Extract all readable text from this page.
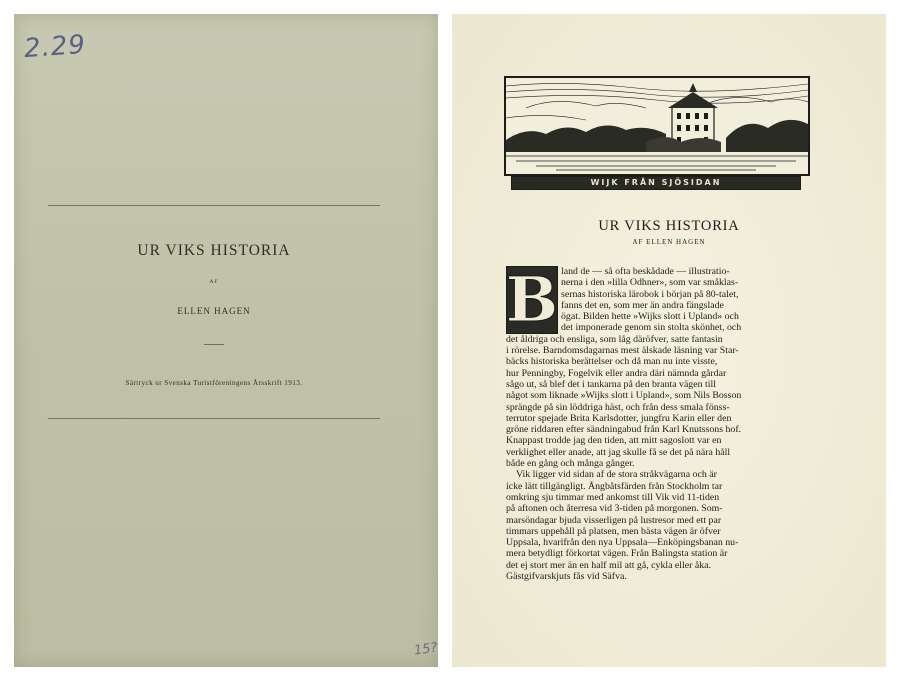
2.29
UR VIKS HISTORIA
AF
ELLEN HAGEN
Särtryck ur Svenska Turistföreningens Årsskrift 1913.
15?
WIJK FRÅN SJÖSIDAN
UR VIKS HISTORIA
AF ELLEN HAGEN
B land de — så ofta beskådade — illustratio-
nerna i den »lilla Odhner», som var småklas-
sernas historiska lärobok i början på 80-talet,
fanns det en, som mer än andra fängslade
ögat. Bilden hette »Wijks slott i Upland» och
det imponerade genom sin stolta skönhet, och
det åldriga och ensliga, som låg däröfver, satte fantasin
i rörelse. Barndomsdagarnas mest älskade läsning var Star-
bäcks historiska berättelser och då man nu inte visste,
hur Penningby, Fogelvik eller andra däri nämnda gårdar
sågo ut, så blef det i tankarna på den branta vägen till
något som liknade »Wijks slott i Upland», som Nils Bosson
sprängde på sin löddriga häst, och från dess smala fönss-
terrutor spejade Brita Karlsdotter, jungfru Karin eller den
gröne riddaren efter sändningabud från Karl Knutssons hof.
Knappast trodde jag den tiden, att mitt sagoslott var en
verklighet eller anade, att jag skulle få se det på nära håll
både en gång och många gånger.
Vik ligger vid sidan af de stora stråkvägarna och är
icke lätt tillgängligt. Ångbåtsfärden från Stockholm tar
omkring sju timmar med ankomst till Vik vid 11-tiden
på aftonen och återresa vid 3-tiden på morgonen. Som-
marsöndagar bjuda visserligen på lustresor med ett par
timmars uppehåll på platsen, men bästa vägen är öfver
Uppsala, hvarifrån den nya Uppsala—Enköpingsbanan nu-
mera betydligt förkortat vägen. Från Balingsta station är
det ej stort mer än en half mil att gå, cykla eller åka.
Gästgifvarskjuts fås vid Säfva.
